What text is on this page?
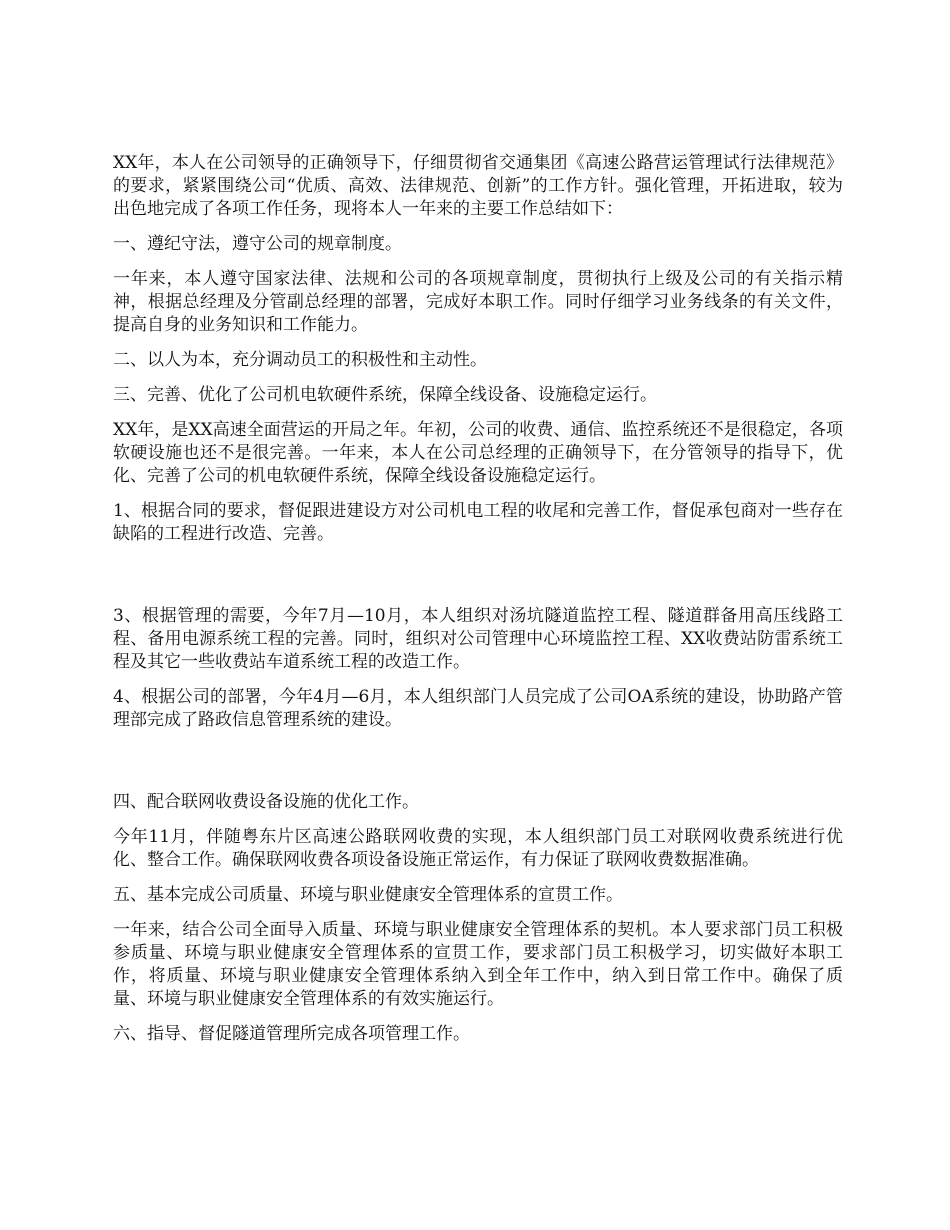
XX年，本人在公司领导的正确领导下，仔细贯彻省交通集团《高速公路营运管理试行法律规范》的要求，紧紧围绕公司“优质、高效、法律规范、创新”的工作方针。强化管理，开拓进取，较为出色地完成了各项工作任务，现将本人一年来的主要工作总结如下：

一、遵纪守法，遵守公司的规章制度。

一年来，本人遵守国家法律、法规和公司的各项规章制度，贯彻执行上级及公司的有关指示精神，根据总经理及分管副总经理的部署，完成好本职工作。同时仔细学习业务线条的有关文件，提高自身的业务知识和工作能力。

二、以人为本，充分调动员工的积极性和主动性。

三、完善、优化了公司机电软硬件系统，保障全线设备、设施稳定运行。

XX年，是XX高速全面营运的开局之年。年初，公司的收费、通信、监控系统还不是很稳定，各项软硬设施也还不是很完善。一年来，本人在公司总经理的正确领导下，在分管领导的指导下，优化、完善了公司的机电软硬件系统，保障全线设备设施稳定运行。

1、根据合同的要求，督促跟进建设方对公司机电工程的收尾和完善工作，督促承包商对一些存在缺陷的工程进行改造、完善。

3、根据管理的需要，今年7月—10月，本人组织对汤坑隧道监控工程、隧道群备用高压线路工程、备用电源系统工程的完善。同时，组织对公司管理中心环境监控工程、XX收费站防雷系统工程及其它一些收费站车道系统工程的改造工作。

4、根据公司的部署，今年4月—6月，本人组织部门人员完成了公司OA系统的建设，协助路产管理部完成了路政信息管理系统的建设。

四、配合联网收费设备设施的优化工作。

今年11月，伴随粤东片区高速公路联网收费的实现，本人组织部门员工对联网收费系统进行优化、整合工作。确保联网收费各项设备设施正常运作，有力保证了联网收费数据准确。

五、基本完成公司质量、环境与职业健康安全管理体系的宣贯工作。

一年来，结合公司全面导入质量、环境与职业健康安全管理体系的契机。本人要求部门员工积极参质量、环境与职业健康安全管理体系的宣贯工作，要求部门员工积极学习，切实做好本职工作，将质量、环境与职业健康安全管理体系纳入到全年工作中，纳入到日常工作中。确保了质量、环境与职业健康安全管理体系的有效实施运行。

六、指导、督促隧道管理所完成各项管理工作。
